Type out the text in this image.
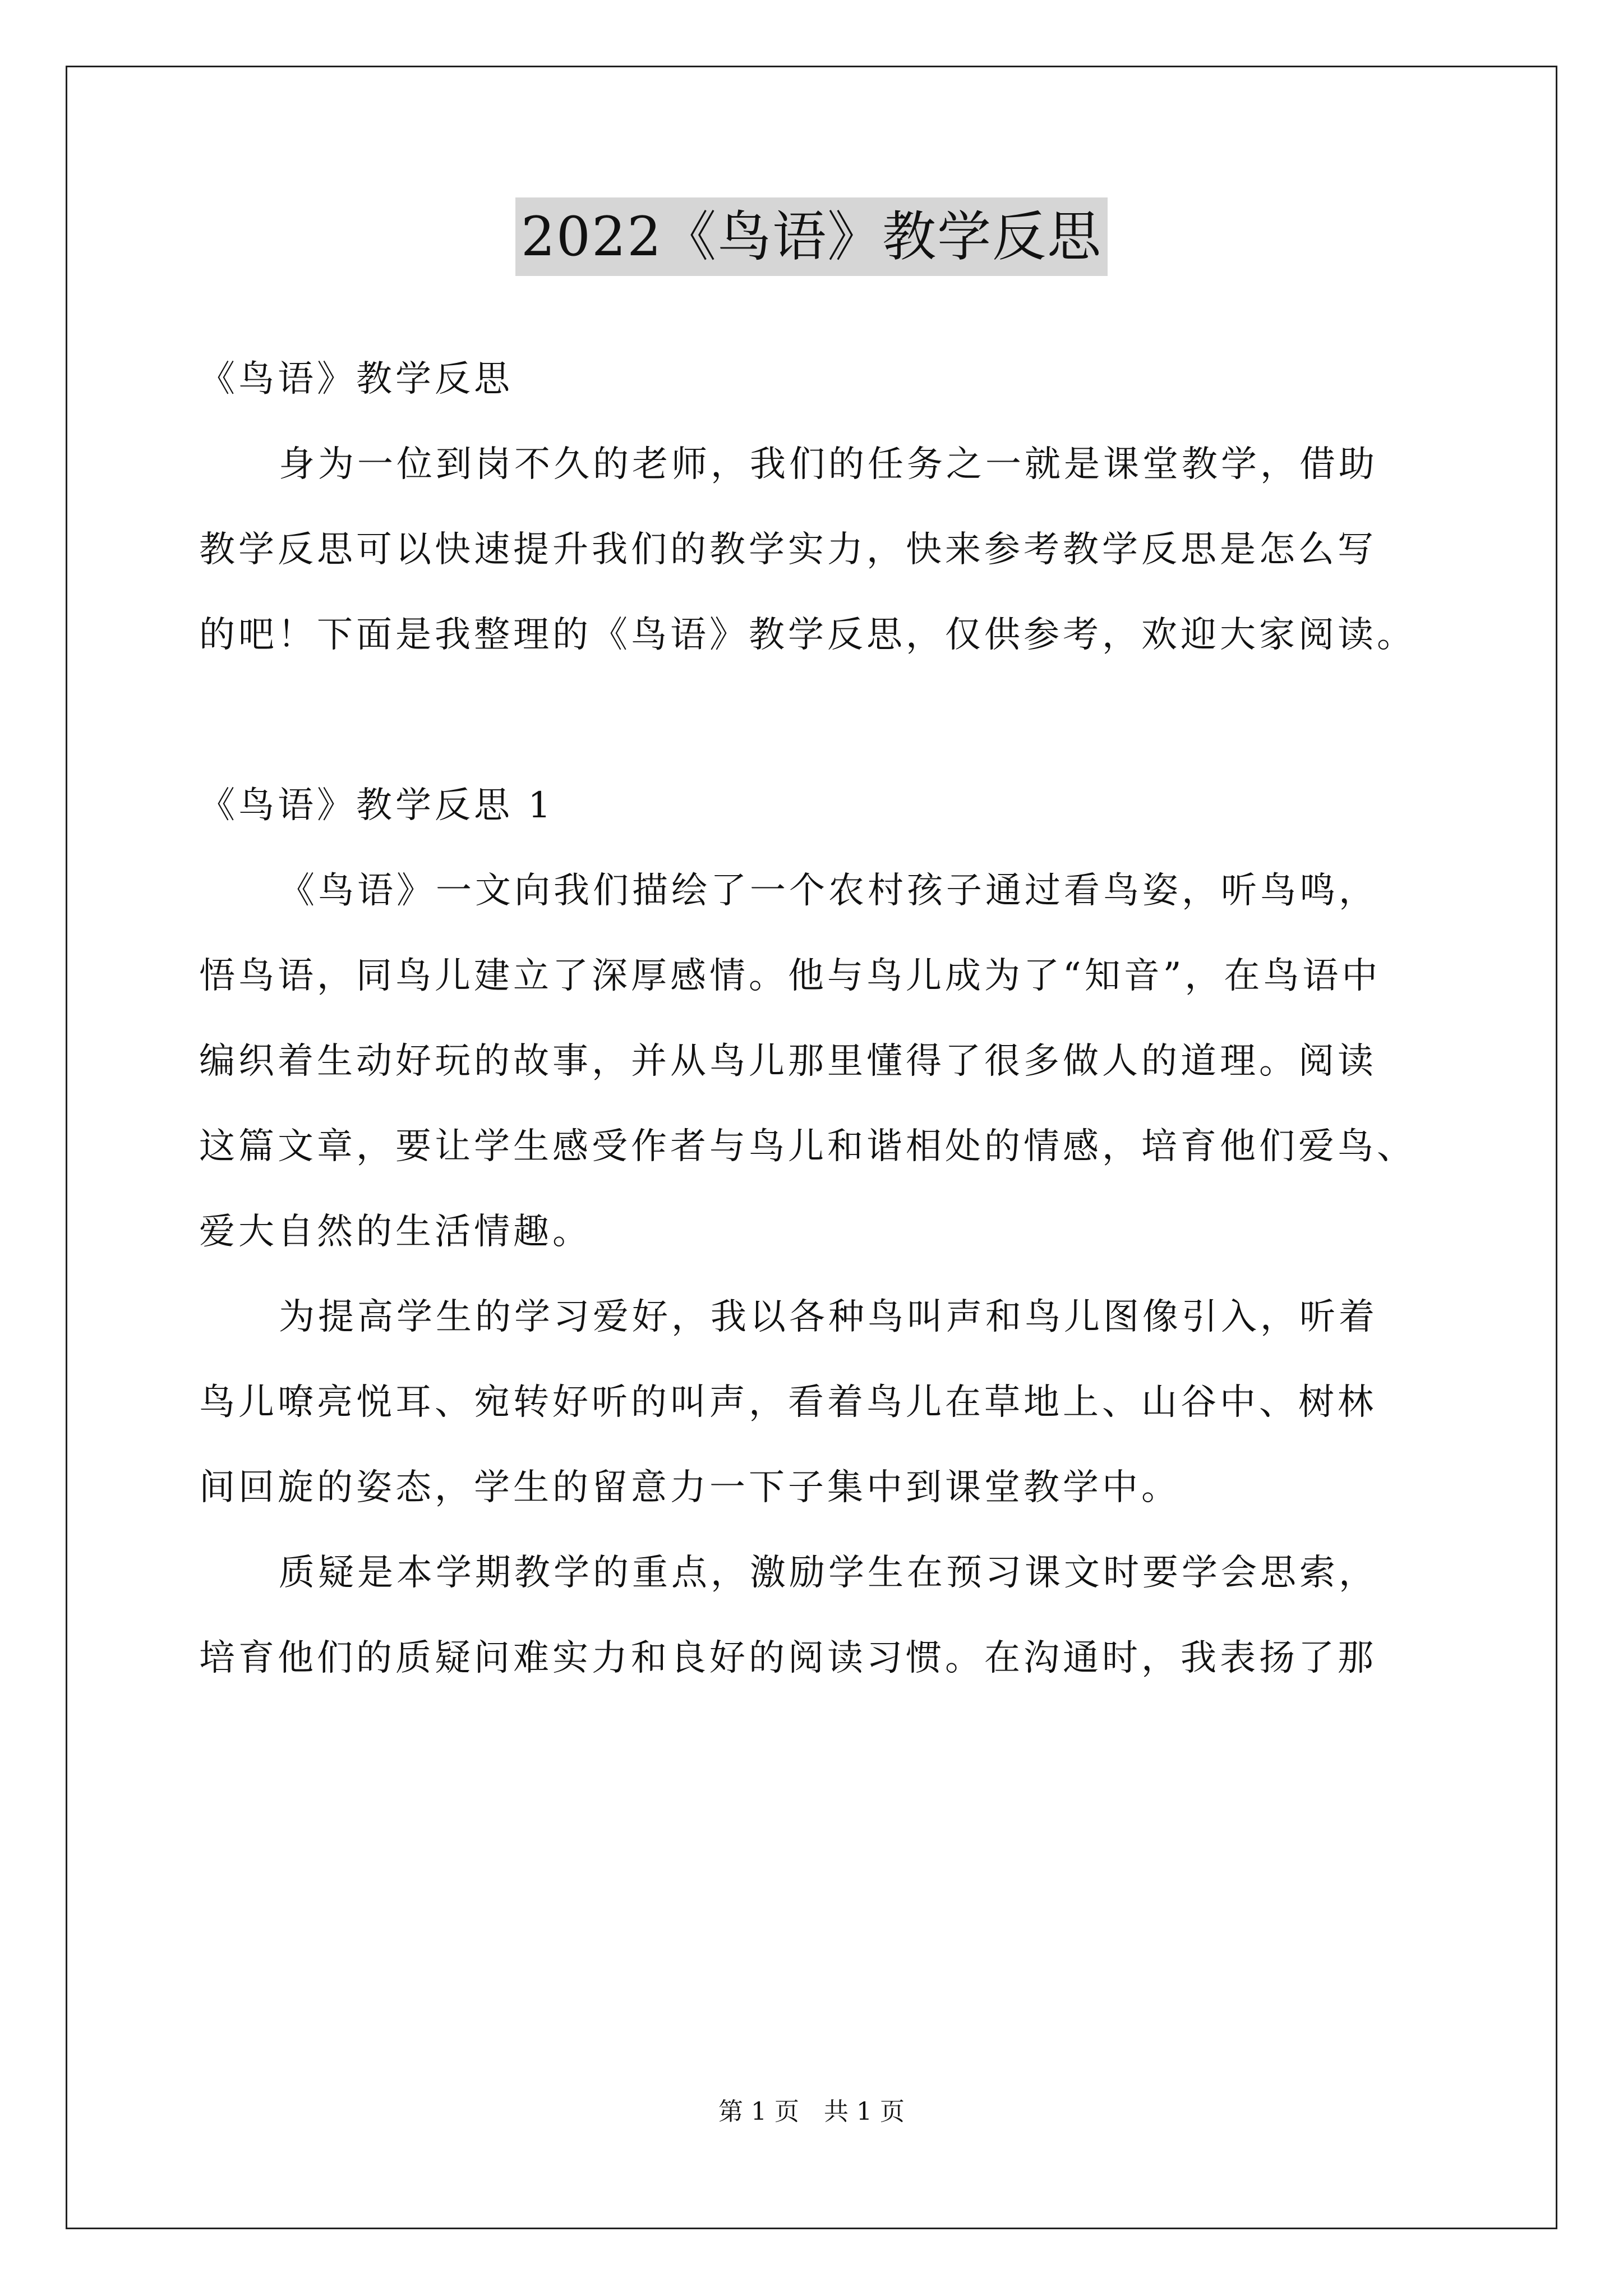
2022《鸟语》教学反思
《鸟语》教学反思
身为一位到岗不久的老师，我们的任务之一就是课堂教学，借助
教学反思可以快速提升我们的教学实力，快来参考教学反思是怎么写
的吧！下面是我整理的《鸟语》教学反思，仅供参考，欢迎大家阅读。
《鸟语》教学反思 1
《鸟语》一文向我们描绘了一个农村孩子通过看鸟姿，听鸟鸣，
悟鸟语，同鸟儿建立了深厚感情。他与鸟儿成为了“知音”，在鸟语中
编织着生动好玩的故事，并从鸟儿那里懂得了很多做人的道理。阅读
这篇文章，要让学生感受作者与鸟儿和谐相处的情感，培育他们爱鸟、
爱大自然的生活情趣。
为提高学生的学习爱好，我以各种鸟叫声和鸟儿图像引入，听着
鸟儿嘹亮悦耳、宛转好听的叫声，看着鸟儿在草地上、山谷中、树林
间回旋的姿态，学生的留意力一下子集中到课堂教学中。
质疑是本学期教学的重点，激励学生在预习课文时要学会思索，
培育他们的质疑问难实力和良好的阅读习惯。在沟通时，我表扬了那
第 1 页　共 1 页
